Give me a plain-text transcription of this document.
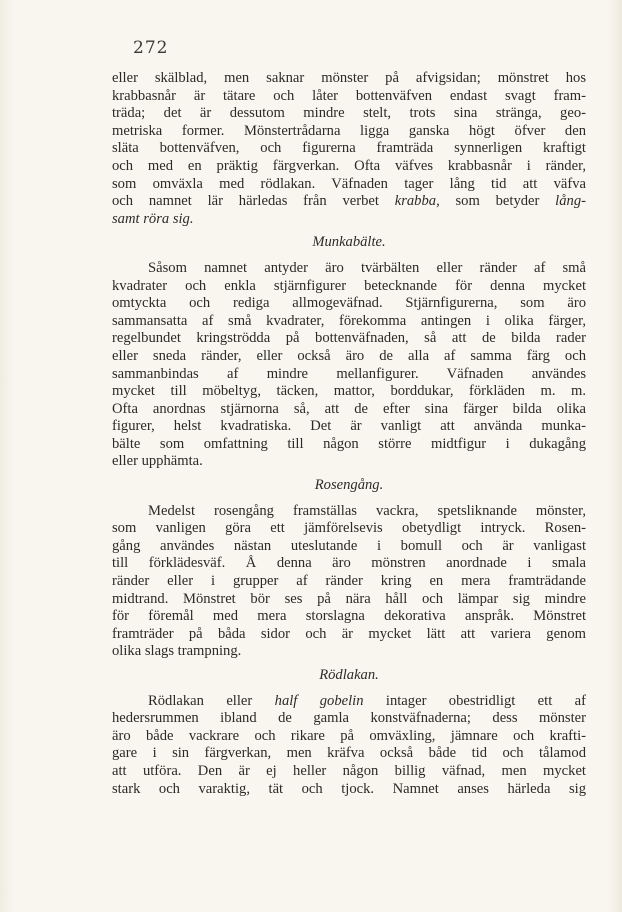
272
eller skälblad, men saknar mönster på afvigsidan; mönstret hos
krabbasnår är tätare och låter bottenväfven endast svagt fram-
träda; det är dessutom mindre stelt, trots sina stränga, geo-
metriska former. Mönstertrådarna ligga ganska högt öfver den
släta bottenväfven, och figurerna framträda synnerligen kraftigt
och med en präktig färgverkan. Ofta väfves krabbasnår i ränder,
som omväxla med rödlakan. Väfnaden tager lång tid att väfva
och namnet lär härledas från verbet krabba, som betyder lång-
samt röra sig.
Munkabälte.
Såsom namnet antyder äro tvärbälten eller ränder af små
kvadrater och enkla stjärnfigurer betecknande för denna mycket
omtyckta och rediga allmogeväfnad. Stjärnfigurerna, som äro
sammansatta af små kvadrater, förekomma antingen i olika färger,
regelbundet kringströdda på bottenväfnaden, så att de bilda rader
eller sneda ränder, eller också äro de alla af samma färg och
sammanbindas af mindre mellanfigurer. Väfnaden användes
mycket till möbeltyg, täcken, mattor, borddukar, förkläden m. m.
Ofta anordnas stjärnorna så, att de efter sina färger bilda olika
figurer, helst kvadratiska. Det är vanligt att använda munka-
bälte som omfattning till någon större midtfigur i dukagång
eller upphämta.
Rosengång.
Medelst rosengång framställas vackra, spetsliknande mönster,
som vanligen göra ett jämförelsevis obetydligt intryck. Rosen-
gång användes nästan uteslutande i bomull och är vanligast
till förklädesväf. Å denna äro mönstren anordnade i smala
ränder eller i grupper af ränder kring en mera framträdande
midtrand. Mönstret bör ses på nära håll och lämpar sig mindre
för föremål med mera storslagna dekorativa anspråk. Mönstret
framträder på båda sidor och är mycket lätt att variera genom
olika slags trampning.
Rödlakan.
Rödlakan eller half gobelin intager obestridligt ett af
hedersrummen ibland de gamla konstväfnaderna; dess mönster
äro både vackrare och rikare på omväxling, jämnare och krafti-
gare i sin färgverkan, men kräfva också både tid och tålamod
att utföra. Den är ej heller någon billig väfnad, men mycket
stark och varaktig, tät och tjock. Namnet anses härleda sig
